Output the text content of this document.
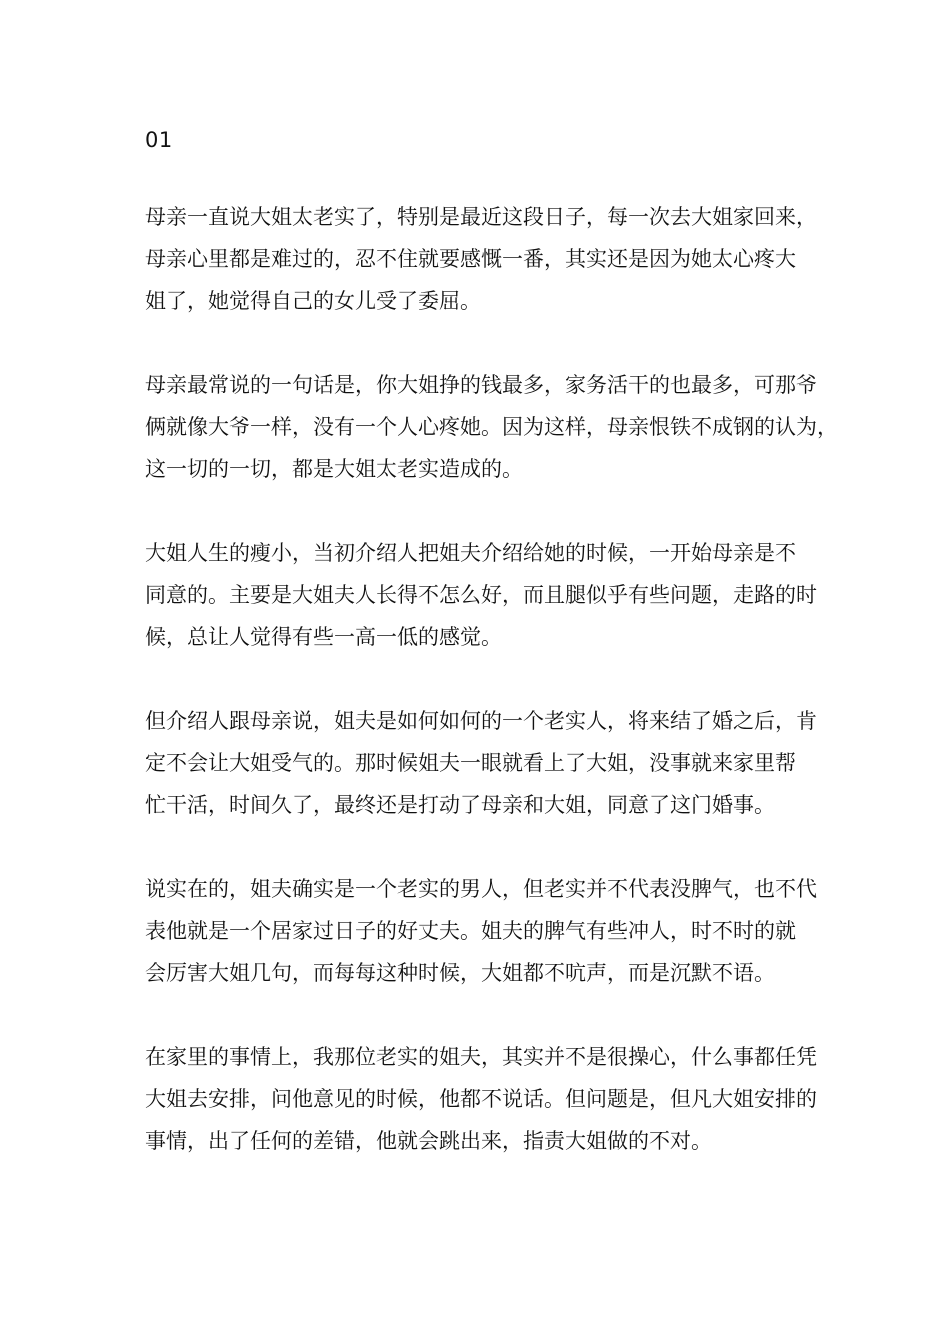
01

母亲一直说大姐太老实了，特别是最近这段日子，每一次去大姐家回来，
母亲心里都是难过的，忍不住就要感慨一番，其实还是因为她太心疼大
姐了，她觉得自己的女儿受了委屈。

母亲最常说的一句话是，你大姐挣的钱最多，家务活干的也最多，可那爷
俩就像大爷一样，没有一个人心疼她。因为这样，母亲恨铁不成钢的认为，
这一切的一切，都是大姐太老实造成的。

大姐人生的瘦小，当初介绍人把姐夫介绍给她的时候，一开始母亲是不
同意的。主要是大姐夫人长得不怎么好，而且腿似乎有些问题，走路的时
候，总让人觉得有些一高一低的感觉。

但介绍人跟母亲说，姐夫是如何如何的一个老实人，将来结了婚之后，肯
定不会让大姐受气的。那时候姐夫一眼就看上了大姐，没事就来家里帮
忙干活，时间久了，最终还是打动了母亲和大姐，同意了这门婚事。

说实在的，姐夫确实是一个老实的男人，但老实并不代表没脾气，也不代
表他就是一个居家过日子的好丈夫。姐夫的脾气有些冲人，时不时的就
会厉害大姐几句，而每每这种时候，大姐都不吭声，而是沉默不语。

在家里的事情上，我那位老实的姐夫，其实并不是很操心，什么事都任凭
大姐去安排，问他意见的时候，他都不说话。但问题是，但凡大姐安排的
事情，出了任何的差错，他就会跳出来，指责大姐做的不对。
